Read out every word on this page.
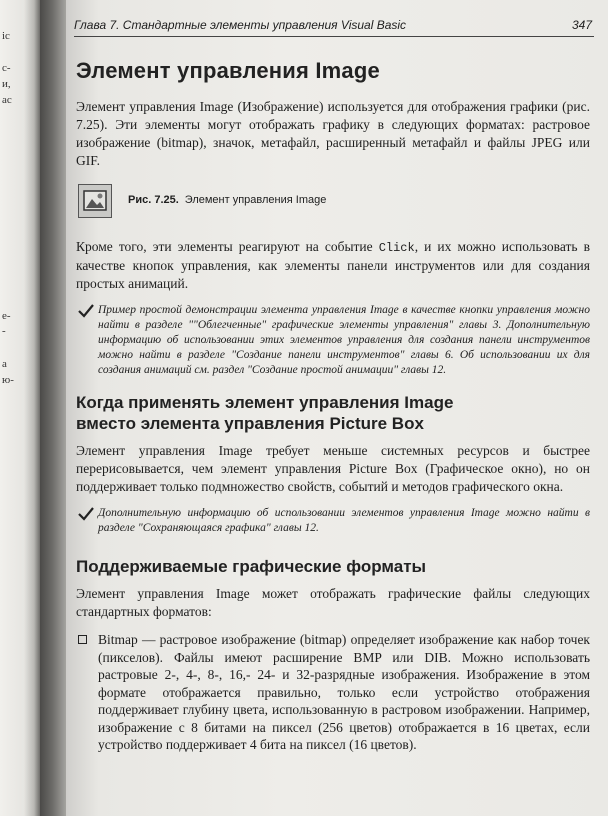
ic
с-
и,
ас
е-
-
а
ю-
Глава 7. Стандартные элементы управления Visual Basic	347
Элемент управления Image

Элемент управления Image (Изображение) используется для отображения графики (рис. 7.25). Эти элементы могут отображать графику в следующих форматах: растровое изображение (bitmap), значок, метафайл, расширенный метафайл и файлы JPEG или GIF.

Рис. 7.25. Элемент управления Image

Кроме того, эти элементы реагируют на событие Click, и их можно использовать в качестве кнопок управления, как элементы панели инструментов или для создания простых анимаций.

Пример простой демонстрации элемента управления Image в качестве кнопки управления можно найти в разделе ""Облегченные" графические элементы управления" главы 3. Дополнительную информацию об использовании этих элементов управления для создания панели инструментов можно найти в разделе "Создание панели инструментов" главы 6. Об использовании их для создания анимаций см. раздел "Создание простой анимации" главы 12.

Когда применять элемент управления Image
вместо элемента управления Picture Box

Элемент управления Image требует меньше системных ресурсов и быстрее перерисовывается, чем элемент управления Picture Box (Графическое окно), но он поддерживает только подмножество свойств, событий и методов графического окна.

Дополнительную информацию об использовании элементов управления Image можно найти в разделе "Сохраняющаяся графика" главы 12.

Поддерживаемые графические форматы

Элемент управления Image может отображать графические файлы следующих стандартных форматов:

Bitmap — растровое изображение (bitmap) определяет изображение как набор точек (пикселов). Файлы имеют расширение BMP или DIB. Можно использовать растровые 2-, 4-, 8-, 16,- 24- и 32-разрядные изображения. Изображение в этом формате отображается правильно, только если устройство отображения поддерживает глубину цвета, использованную в растровом изображении. Например, изображение с 8 битами на пиксел (256 цветов) отображается в 16 цветах, если устройство поддерживает 4 бита на пиксел (16 цветов).
